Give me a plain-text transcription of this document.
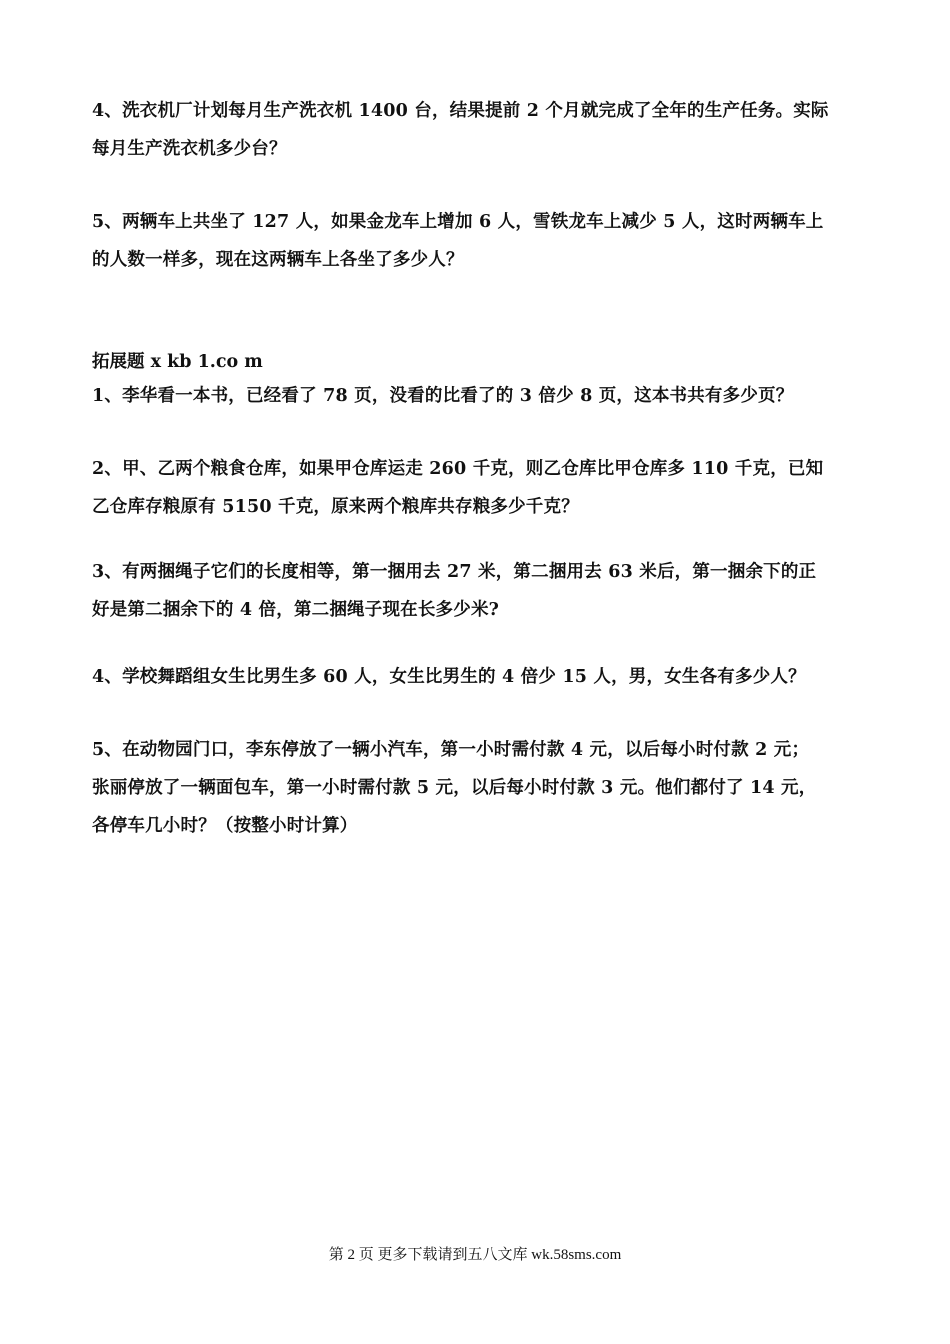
4、洗衣机厂计划每月生产洗衣机 1400 台，结果提前 2 个月就完成了全年的生产任务。实际
每月生产洗衣机多少台？
5、两辆车上共坐了 127 人，如果金龙车上增加 6 人，雪铁龙车上减少 5 人，这时两辆车上
的人数一样多，现在这两辆车上各坐了多少人？
拓展题 x kb 1.co m
1、李华看一本书，已经看了 78 页，没看的比看了的 3 倍少 8 页，这本书共有多少页？
2、甲、乙两个粮食仓库，如果甲仓库运走 260 千克，则乙仓库比甲仓库多 110 千克，已知
乙仓库存粮原有 5150 千克，原来两个粮库共存粮多少千克？
3、有两捆绳子它们的长度相等，第一捆用去 27 米，第二捆用去 63 米后，第一捆余下的正
好是第二捆余下的 4 倍，第二捆绳子现在长多少米?
4、学校舞蹈组女生比男生多 60 人，女生比男生的 4 倍少 15 人，男，女生各有多少人？
5、在动物园门口，李东停放了一辆小汽车，第一小时需付款 4 元，以后每小时付款 2 元；
张丽停放了一辆面包车，第一小时需付款 5 元，以后每小时付款 3 元。他们都付了 14 元，
各停车几小时？（按整小时计算）
第 2 页 更多下载请到五八文库 wk.58sms.com
